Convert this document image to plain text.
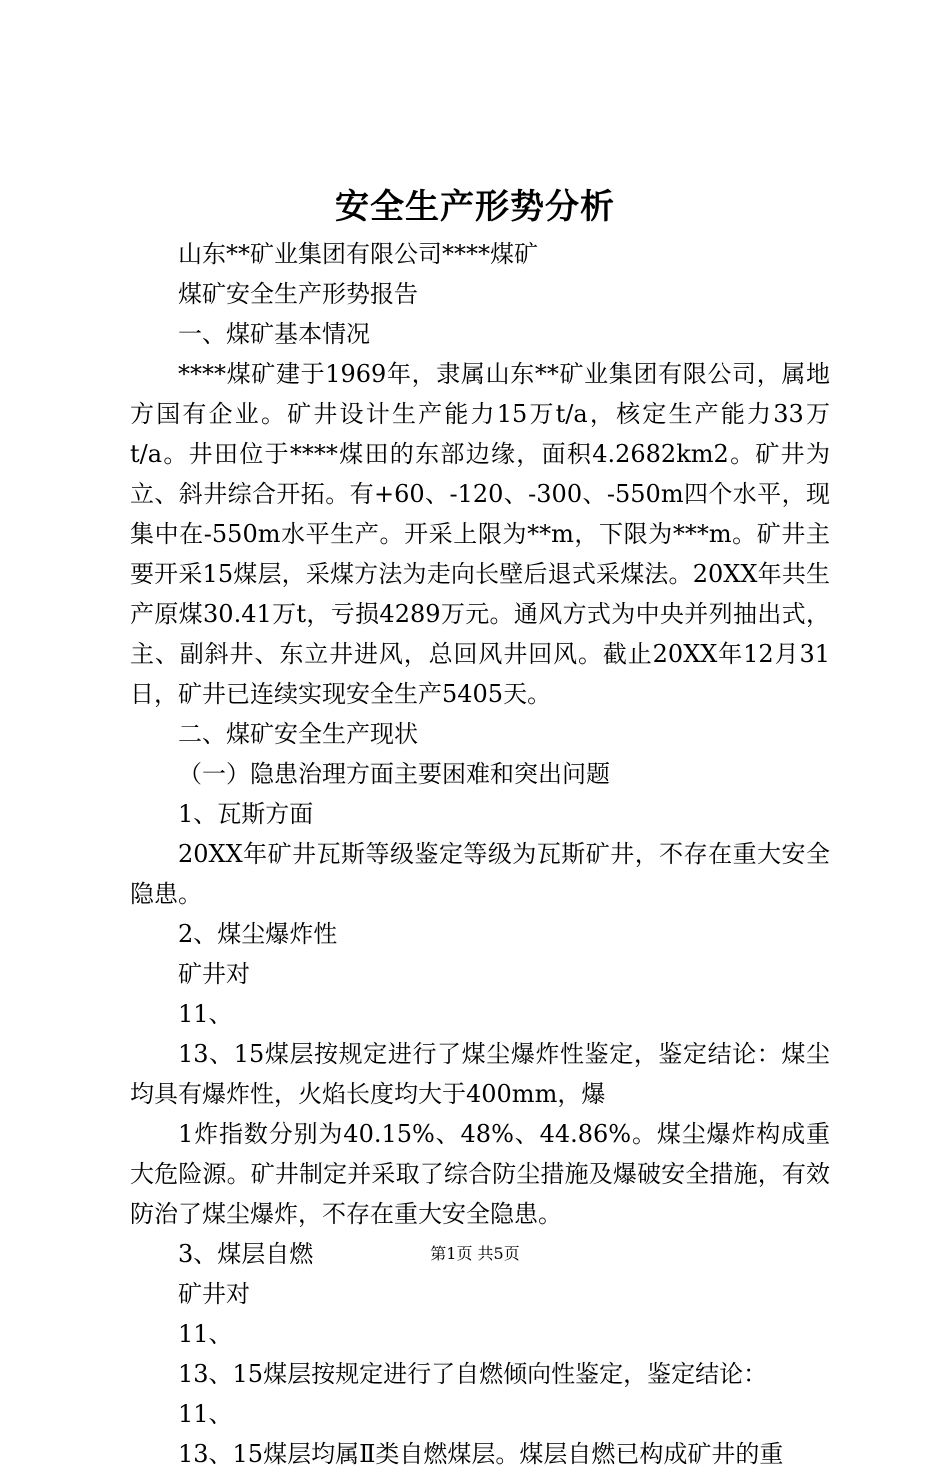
安全生产形势分析

山东**矿业集团有限公司****煤矿

煤矿安全生产形势报告

一、煤矿基本情况

****煤矿建于1969年，隶属山东**矿业集团有限公司，属地方国有企业。矿井设计生产能力15万t/a，核定生产能力33万t/a。井田位于****煤田的东部边缘，面积4.2682km2。矿井为立、斜井综合开拓。有+60、-120、-300、-550m四个水平，现集中在-550m水平生产。开采上限为**m，下限为***m。矿井主要开采15煤层，采煤方法为走向长壁后退式采煤法。20XX年共生产原煤30.41万t，亏损4289万元。通风方式为中央并列抽出式，主、副斜井、东立井进风，总回风井回风。截止20XX年12月31日，矿井已连续实现安全生产5405天。

二、煤矿安全生产现状

（一）隐患治理方面主要困难和突出问题

1、瓦斯方面

20XX年矿井瓦斯等级鉴定等级为瓦斯矿井，不存在重大安全隐患。

2、煤尘爆炸性

矿井对

11、

13、15煤层按规定进行了煤尘爆炸性鉴定，鉴定结论：煤尘均具有爆炸性，火焰长度均大于400mm，爆

1炸指数分别为40.15%、48%、44.86%。煤尘爆炸构成重大危险源。矿井制定并采取了综合防尘措施及爆破安全措施，有效防治了煤尘爆炸，不存在重大安全隐患。

3、煤层自燃

矿井对

11、

13、15煤层按规定进行了自燃倾向性鉴定，鉴定结论：

11、

13、15煤层均属Ⅱ类自燃煤层。煤层自燃已构成矿井的重

第1页 共5页
